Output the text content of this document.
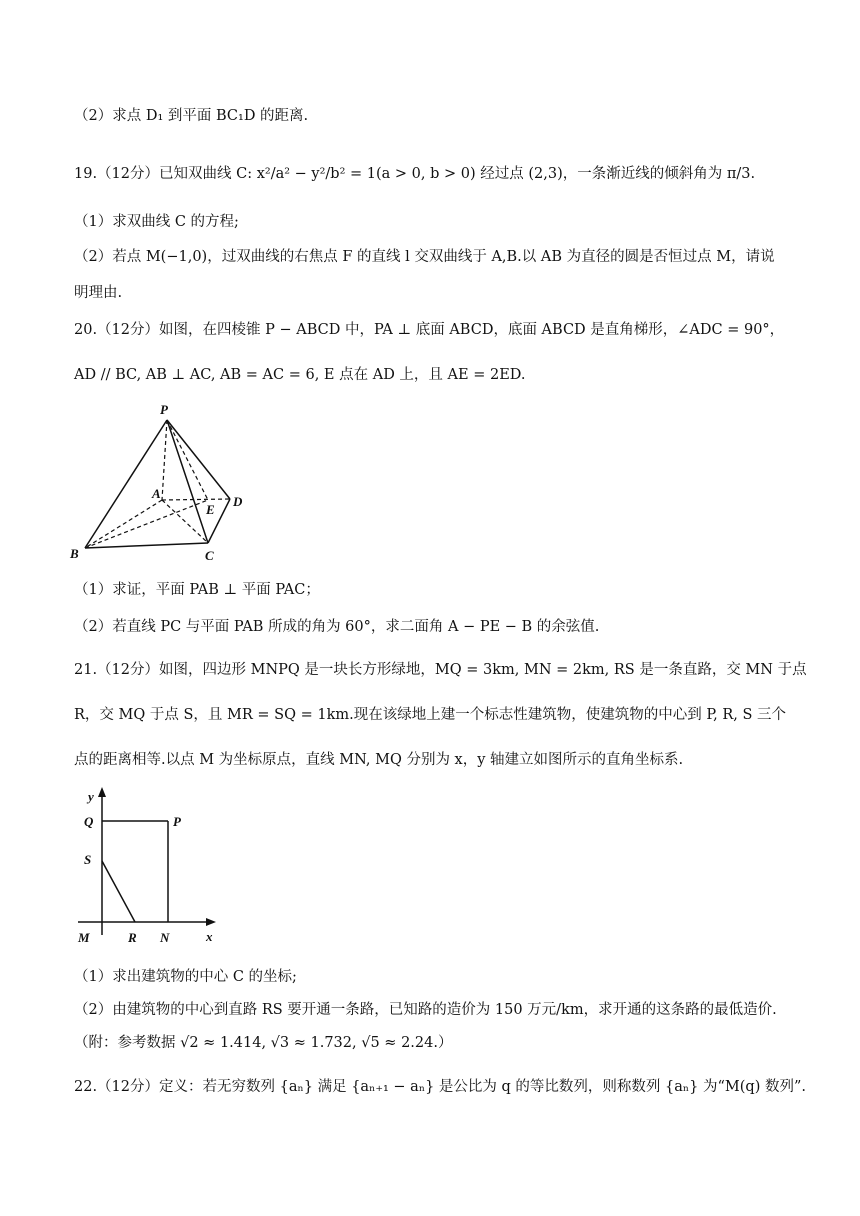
（2）求点 D₁ 到平面 BC₁D 的距离.
19.（12分）已知双曲线 C: x²/a² − y²/b² = 1(a > 0, b > 0) 经过点 (2,3)，一条渐近线的倾斜角为 π/3.
（1）求双曲线 C 的方程;
（2）若点 M(−1,0)，过双曲线的右焦点 F 的直线 l 交双曲线于 A,B.以 AB 为直径的圆是否恒过点 M，请说
明理由.
20.（12分）如图，在四棱锥 P − ABCD 中，PA ⊥ 底面 ABCD，底面 ABCD 是直角梯形，∠ADC = 90°，
AD // BC, AB ⊥ AC, AB = AC = 6, E 点在 AD 上，且 AE = 2ED.
P
A
E
D
B	C
（1）求证，平面 PAB ⊥ 平面 PAC；
（2）若直线 PC 与平面 PAB 所成的角为 60°，求二面角 A − PE − B 的余弦值.
21.（12分）如图，四边形 MNPQ 是一块长方形绿地，MQ = 3km, MN = 2km, RS 是一条直路，交 MN 于点
R，交 MQ 于点 S，且 MR = SQ = 1km.现在该绿地上建一个标志性建筑物，使建筑物的中心到 P, R, S 三个
点的距离相等.以点 M 为坐标原点，直线 MN, MQ 分别为 x，y 轴建立如图所示的直角坐标系.
y
x
Q	P
S
M	R N
（1）求出建筑物的中心 C 的坐标;
（2）由建筑物的中心到直路 RS 要开通一条路，已知路的造价为 150 万元/km，求开通的这条路的最低造价.
（附：参考数据 √2 ≈ 1.414, √3 ≈ 1.732, √5 ≈ 2.24.）
22.（12分）定义：若无穷数列 {aₙ} 满足 {aₙ₊₁ − aₙ} 是公比为 q 的等比数列，则称数列 {aₙ} 为“M(q) 数列”.
